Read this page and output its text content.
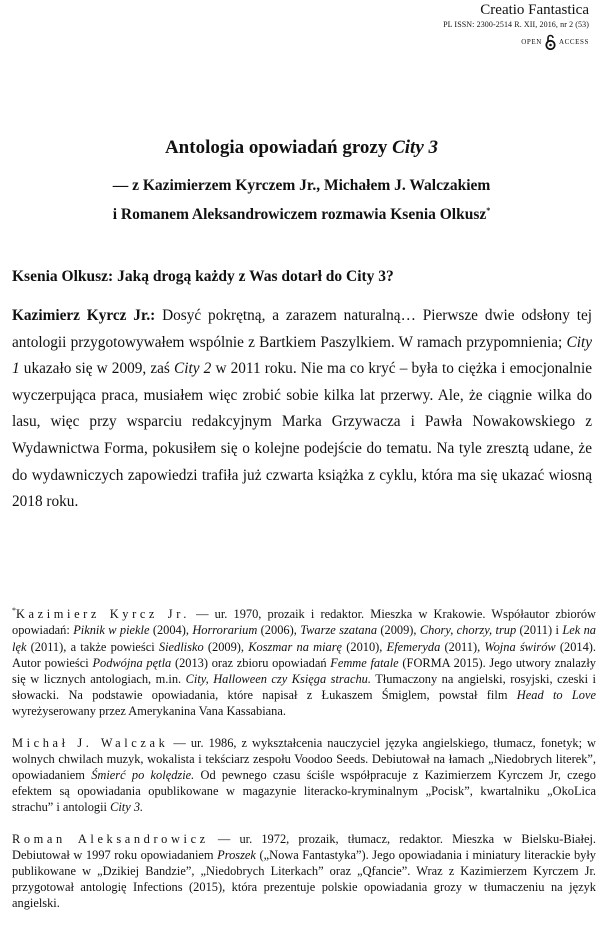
Creatio Fantastica
PL ISSN: 2300-2514 R. XII, 2016, nr 2 (53)
OPEN ACCESS
Antologia opowiadań grozy City 3
— z Kazimierzem Kyrczem Jr., Michałem J. Walczakiem
i Romanem Aleksandrowiczem rozmawia Ksenia Olkusz*
Ksenia Olkusz: Jaką drogą każdy z Was dotarł do City 3?
Kazimierz Kyrcz Jr.: Dosyć pokrętną, a zarazem naturalną… Pierwsze dwie odsłony tej antologii przygotowywałem wspólnie z Bartkiem Paszylkiem. W ramach przypomnienia; City 1 ukazało się w 2009, zaś City 2 w 2011 roku. Nie ma co kryć – była to ciężka i emocjonalnie wyczerpująca praca, musiałem więc zrobić sobie kilka lat przerwy. Ale, że ciągnie wilka do lasu, więc przy wsparciu redakcyjnym Marka Grzywacza i Pawła Nowakowskiego z Wydawnictwa Forma, pokusiłem się o kolejne podejście do tematu. Na tyle zresztą udane, że do wydawniczych zapowiedzi trafiła już czwarta książka z cyklu, która ma się ukazać wiosną 2018 roku.

*Kazimierz Kyrcz Jr. — ur. 1970, prozaik i redaktor. Mieszka w Krakowie. Współautor zbiorów opowiadań: Piknik w piekle (2004), Horrorarium (2006), Twarze szatana (2009), Chory, chorzy, trup (2011) i Lek na lęk (2011), a także powieści Siedlisko (2009), Koszmar na miarę (2010), Efemeryda (2011), Wojna świrów (2014). Autor powieści Podwójna pętla (2013) oraz zbioru opowiadań Femme fatale (FORMA 2015). Jego utwory znalazły się w licznych antologiach, m.in. City, Halloween czy Księga strachu. Tłumaczony na angielski, rosyjski, czeski i słowacki. Na podstawie opowiadania, które napisał z Łukaszem Śmiglem, powstał film Head to Love wyreżyserowany przez Amerykanina Vana Kassabiana.

Michał J. Walczak — ur. 1986, z wykształcenia nauczyciel języka angielskiego, tłumacz, fonetyk; w wolnych chwilach muzyk, wokalista i tekściarz zespołu Voodoo Seeds. Debiutował na łamach „Niedobrych literek”, opowiadaniem Śmierć po kolędzie. Od pewnego czasu ściśle współpracuje z Kazimierzem Kyrczem Jr, czego efektem są opowiadania opublikowane w magazynie literacko-kryminalnym „Pocisk”, kwartalniku „OkoLica strachu” i antologii City 3.

Roman Aleksandrowicz — ur. 1972, prozaik, tłumacz, redaktor. Mieszka w Bielsku-Białej. Debiutował w 1997 roku opowiadaniem Proszek („Nowa Fantastyka”). Jego opowiadania i miniatury literackie były publikowane w „Dzikiej Bandzie”, „Niedobrych Literkach” oraz „Qfancie”. Wraz z Kazimierzem Kyrczem Jr. przygotował antologię Infections (2015), która prezentuje polskie opowiadania grozy w tłumaczeniu na język angielski.
